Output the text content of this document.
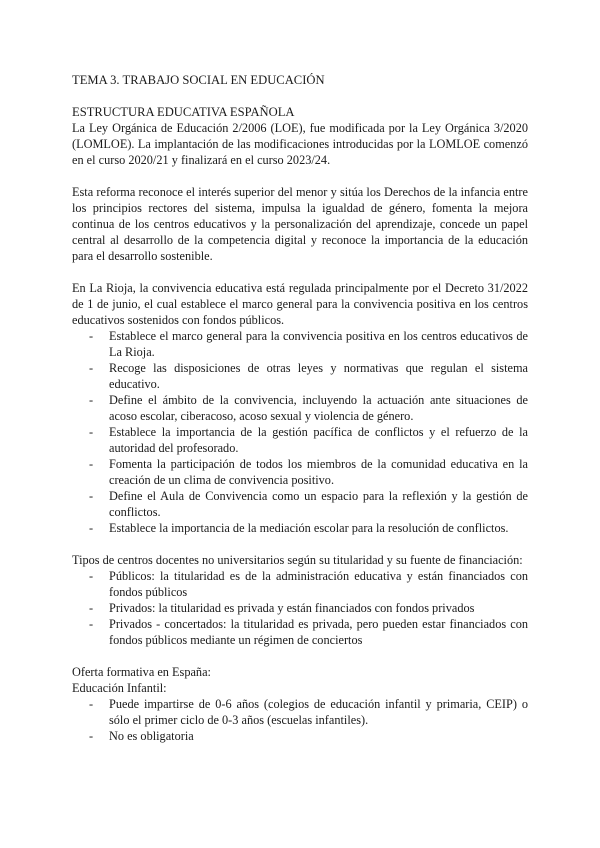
TEMA 3. TRABAJO SOCIAL EN EDUCACIÓN
ESTRUCTURA EDUCATIVA ESPAÑOLA

La Ley Orgánica de Educación 2/2006 (LOE), fue modificada por la Ley Orgánica 3/2020 (LOMLOE). La implantación de las modificaciones introducidas por la LOMLOE comenzó en el curso 2020/21 y finalizará en el curso 2023/24.

Esta reforma reconoce el interés superior del menor y sitúa los Derechos de la infancia entre los principios rectores del sistema, impulsa la igualdad de género, fomenta la mejora continua de los centros educativos y la personalización del aprendizaje, concede un papel central al desarrollo de la competencia digital y reconoce la importancia de la educación para el desarrollo sostenible.

En La Rioja, la convivencia educativa está regulada principalmente por el Decreto 31/2022 de 1 de junio, el cual establece el marco general para la convivencia positiva en los centros educativos sostenidos con fondos públicos.

- Establece el marco general para la convivencia positiva en los centros educativos de La Rioja.
- Recoge las disposiciones de otras leyes y normativas que regulan el sistema educativo.
- Define el ámbito de la convivencia, incluyendo la actuación ante situaciones de acoso escolar, ciberacoso, acoso sexual y violencia de género.
- Establece la importancia de la gestión pacífica de conflictos y el refuerzo de la autoridad del profesorado.
- Fomenta la participación de todos los miembros de la comunidad educativa en la creación de un clima de convivencia positivo.
- Define el Aula de Convivencia como un espacio para la reflexión y la gestión de conflictos.
- Establece la importancia de la mediación escolar para la resolución de conflictos.

Tipos de centros docentes no universitarios según su titularidad y su fuente de financiación:

- Públicos: la titularidad es de la administración educativa y están financiados con fondos públicos
- Privados: la titularidad es privada y están financiados con fondos privados
- Privados - concertados: la titularidad es privada, pero pueden estar financiados con fondos públicos mediante un régimen de conciertos

Oferta formativa en España:

Educación Infantil:

- Puede impartirse de 0-6 años (colegios de educación infantil y primaria, CEIP) o sólo el primer ciclo de 0-3 años (escuelas infantiles).
- No es obligatoria
